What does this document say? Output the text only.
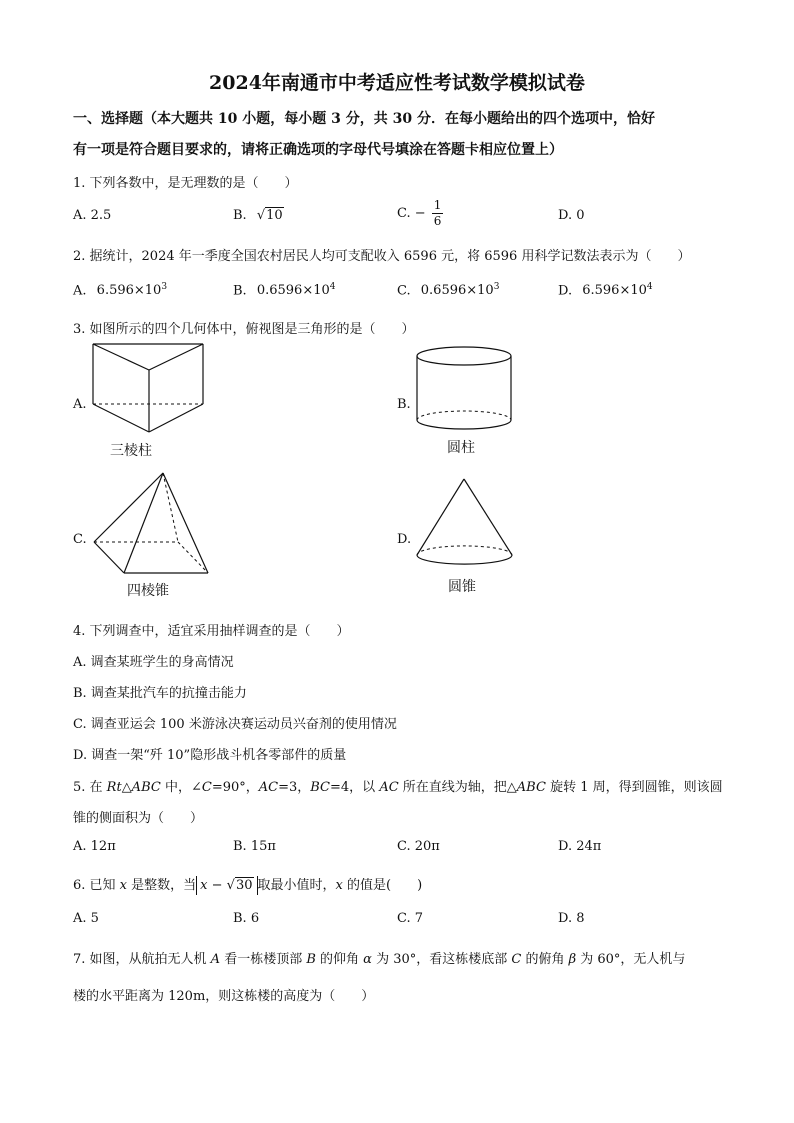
2024年南通市中考适应性考试数学模拟试卷
一、选择题（本大题共 10 小题，每小题 3 分，共 30 分．在每小题给出的四个选项中，恰好
有一项是符合题目要求的，请将正确选项的字母代号填涂在答题卡相应位置上）
1. 下列各数中，是无理数的是（　　）
A. 2.5	B. √10	C. − $\frac{1}{6}$	D. 0
2. 据统计，2024 年一季度全国农村居民人均可支配收入 6596 元，将 6596 用科学记数法表示为（　　）
A. $6.596\times 10^3$	B. $0.6596\times 10^4$	C. $0.6596\times 10^3$	D. $6.596\times 10^4$
3. 如图所示的四个几何体中，俯视图是三角形的是（　　）
A.
三棱柱
B.
圆柱
C.
四棱锥
D.
圆锥
4. 下列调查中，适宜采用抽样调查的是（　　）
A. 调查某班学生的身高情况
B. 调查某批汽车的抗撞击能力
C. 调查亚运会 100 米游泳决赛运动员兴奋剂的使用情况
D. 调查一架“歼 10”隐形战斗机各零部件的质量
5. 在 Rt△ABC 中，∠C=90°，AC=3，BC=4，以 AC 所在直线为轴，把△ABC 旋转 1 周，得到圆锥，则该圆
锥的侧面积为（　　）
A. 12π	B. 15π	C. 20π	D. 24π
6. 已知 x 是整数，当 x − √30 取最小值时，x 的值是(　　)
A. 5	B. 6	C. 7	D. 8
7. 如图，从航拍无人机 A 看一栋楼顶部 B 的仰角 α 为 30°，看这栋楼底部 C 的俯角 β 为 60°，无人机与
楼的水平距离为 120m，则这栋楼的高度为（　　）
